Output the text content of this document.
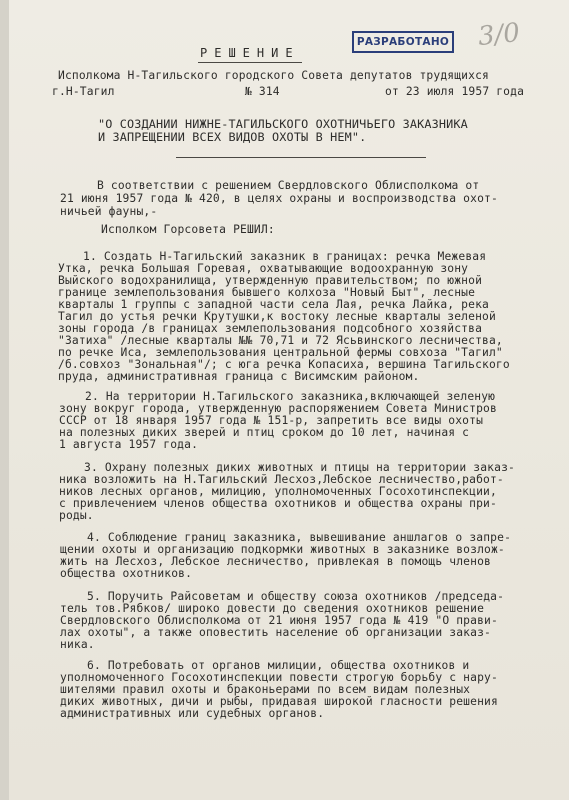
3/0
РАЗРАБОТАНО
РЕШЕНИЕ
Исполкома Н-Тагильского городского Совета депутатов трудящихся
г.Н-Тагил	№ 314	от 23 июля 1957 года
"О СОЗДАНИИ НИЖНЕ-ТАГИЛЬСКОГО ОХОТНИЧЬЕГО ЗАКАЗНИКА
И ЗАПРЕЩЕНИИ ВСЕХ ВИДОВ ОХОТЫ В НЕМ".
В соответствии с решением Свердловского Облисполкома от
21 июня 1957 года № 420, в целях охраны и воспроизводства охот-
ничьей фауны,-
Исполком Горсовета РЕШИЛ:
1. Создать Н-Тагильский заказник в границах: речка Межевая
Утка, речка Большая Горевая, охватывающие водоохранную зону
Выйского водохранилища, утвержденную правительством; по южной
границе землепользования бывшего колхоза "Новый Быт", лесные
кварталы 1 группы с западной части села Лая, речка Лайка, река
Тагил до устья речки Крутушки,к востоку лесные кварталы зеленой
зоны города /в границах землепользования подсобного хозяйства
"Затиха" /лесные кварталы №№ 70,71 и 72 Ясьвинского лесничества,
по речке Иса, землепользования центральной фермы совхоза "Тагил"
/б.совхоз "Зональная"/; с юга речка Копасиха, вершина Тагильского
пруда, административная граница с Висимским районом.
2. На территории Н.Тагильского заказника,включающей зеленую
зону вокруг города, утвержденную распоряжением Совета Министров
СССР от 18 января 1957 года № 151-р, запретить все виды охоты
на полезных диких зверей и птиц сроком до 10 лет, начиная с
1 августа 1957 года.
3. Охрану полезных диких животных и птицы на территории заказ-
ника возложить на Н.Тагильский Лесхоз,Лебское лесничество,работ-
ников лесных органов, милицию, уполномоченных Госохотинспекции,
с привлечением членов общества охотников и общества охраны при-
роды.
4. Соблюдение границ заказника, вывешивание аншлагов о запре-
щении охоты и организацию подкормки животных в заказнике возлож-
жить на Лесхоз, Лебское лесничество, привлекая в помощь членов
общества охотников.
5. Поручить Райсоветам и обществу союза охотников /председа-
тель тов.Рябков/ широко довести до сведения охотников решение
Свердловского Облисполкома от 21 июня 1957 года № 419 "О прави-
лах охоты", а также оповестить население об организации заказ-
ника.
6. Потребовать от органов милиции, общества охотников и
уполномоченного Госохотинспекции повести строгую борьбу с нару-
шителями правил охоты и браконьерами по всем видам полезных
диких животных, дичи и рыбы, придавая широкой гласности решения
административных или судебных органов.
